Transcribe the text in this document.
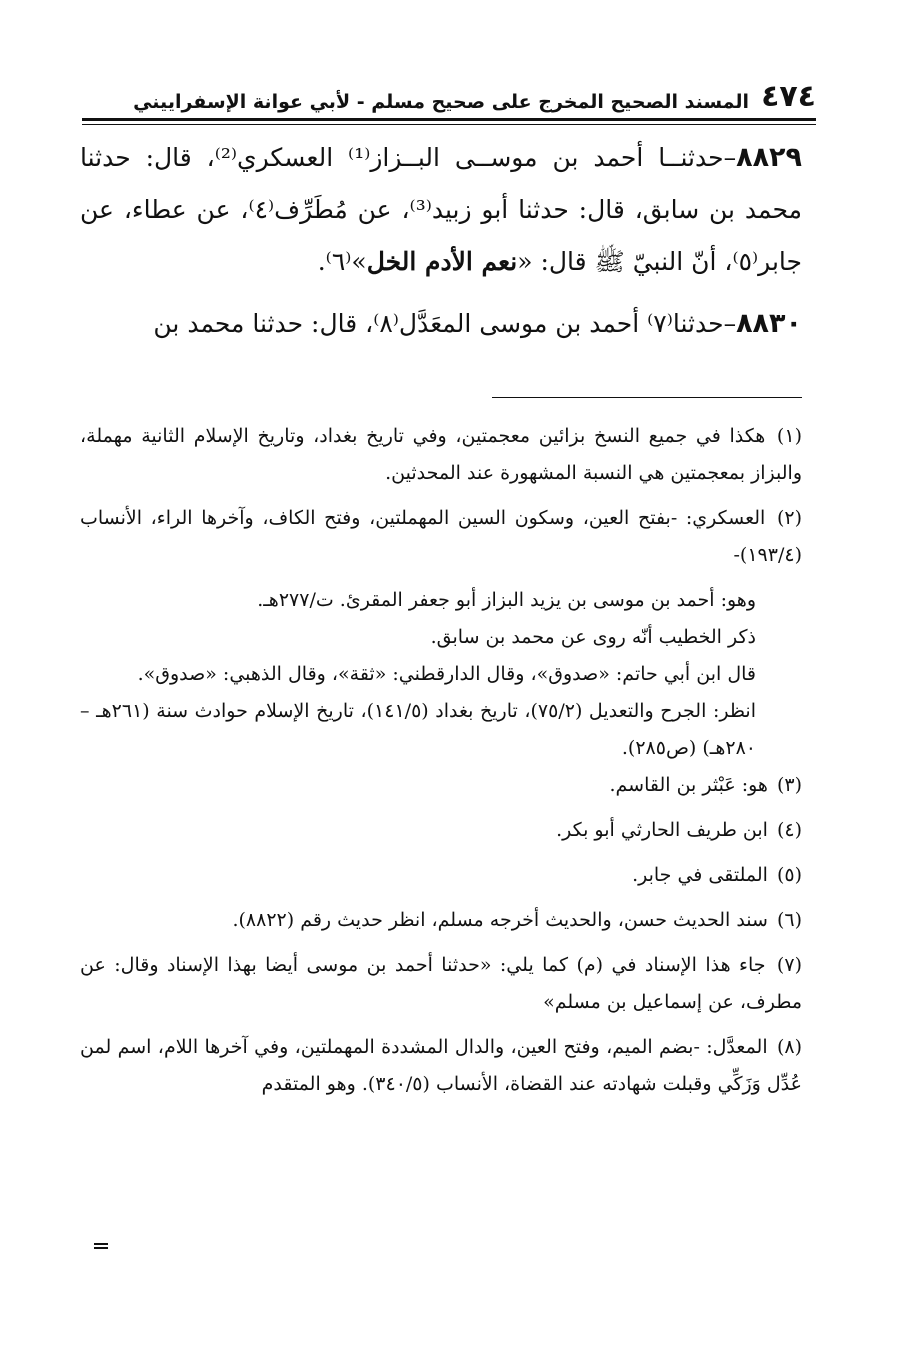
٤٧٤
المسند الصحيح المخرج على صحيح مسلم - لأبي عوانة الإسفراييني

٨٨٢٩–حدثنــا أحمد بن موســى البــزاز⁽¹⁾ العسكري⁽²⁾، قال: حدثنا محمد بن سابق، قال: حدثنا أبو زبيد⁽³⁾، عن مُطَرِّف⁽٤⁾، عن عطاء، عن جابر⁽٥⁾، أنّ النبيّ ﷺ قال: «نعم الأدم الخل»⁽٦⁾.

٨٨٣٠–حدثنا⁽٧⁾ أحمد بن موسى المعَدَّل⁽٨⁾، قال: حدثنا محمد بن

(١) هكذا في جميع النسخ بزائين معجمتين، وفي تاريخ بغداد، وتاريخ الإسلام الثانية مهملة، والبزاز بمعجمتين هي النسبة المشهورة عند المحدثين.

(٢) العسكري: -بفتح العين، وسكون السين المهملتين، وفتح الكاف، وآخرها الراء، الأنساب (١٩٣/٤)-

وهو: أحمد بن موسى بن يزيد البزاز أبو جعفر المقرئ. ت/٢٧٧هـ.

ذكر الخطيب أنّه روى عن محمد بن سابق.

قال ابن أبي حاتم: «صدوق»، وقال الدارقطني: «ثقة»، وقال الذهبي: «صدوق».

انظر: الجرح والتعديل (٧٥/٢)، تاريخ بغداد (١٤١/٥)، تاريخ الإسلام حوادث سنة (٢٦١هـ – ٢٨٠هـ) (ص٢٨٥).

(٣) هو: عَبْثر بن القاسم.

(٤) ابن طريف الحارثي أبو بكر.

(٥) الملتقى في جابر.

(٦) سند الحديث حسن، والحديث أخرجه مسلم، انظر حديث رقم (٨٨٢٢).

(٧) جاء هذا الإسناد في (م) كما يلي: «حدثنا أحمد بن موسى أيضا بهذا الإسناد وقال: عن مطرف، عن إسماعيل بن مسلم»

(٨) المعدَّل: -بضم الميم، وفتح العين، والدال المشددة المهملتين، وفي آخرها اللام، اسم لمن عُدِّل وَزَكِّي وقبلت شهادته عند القضاة، الأنساب (٣٤٠/٥). وهو المتقدم
